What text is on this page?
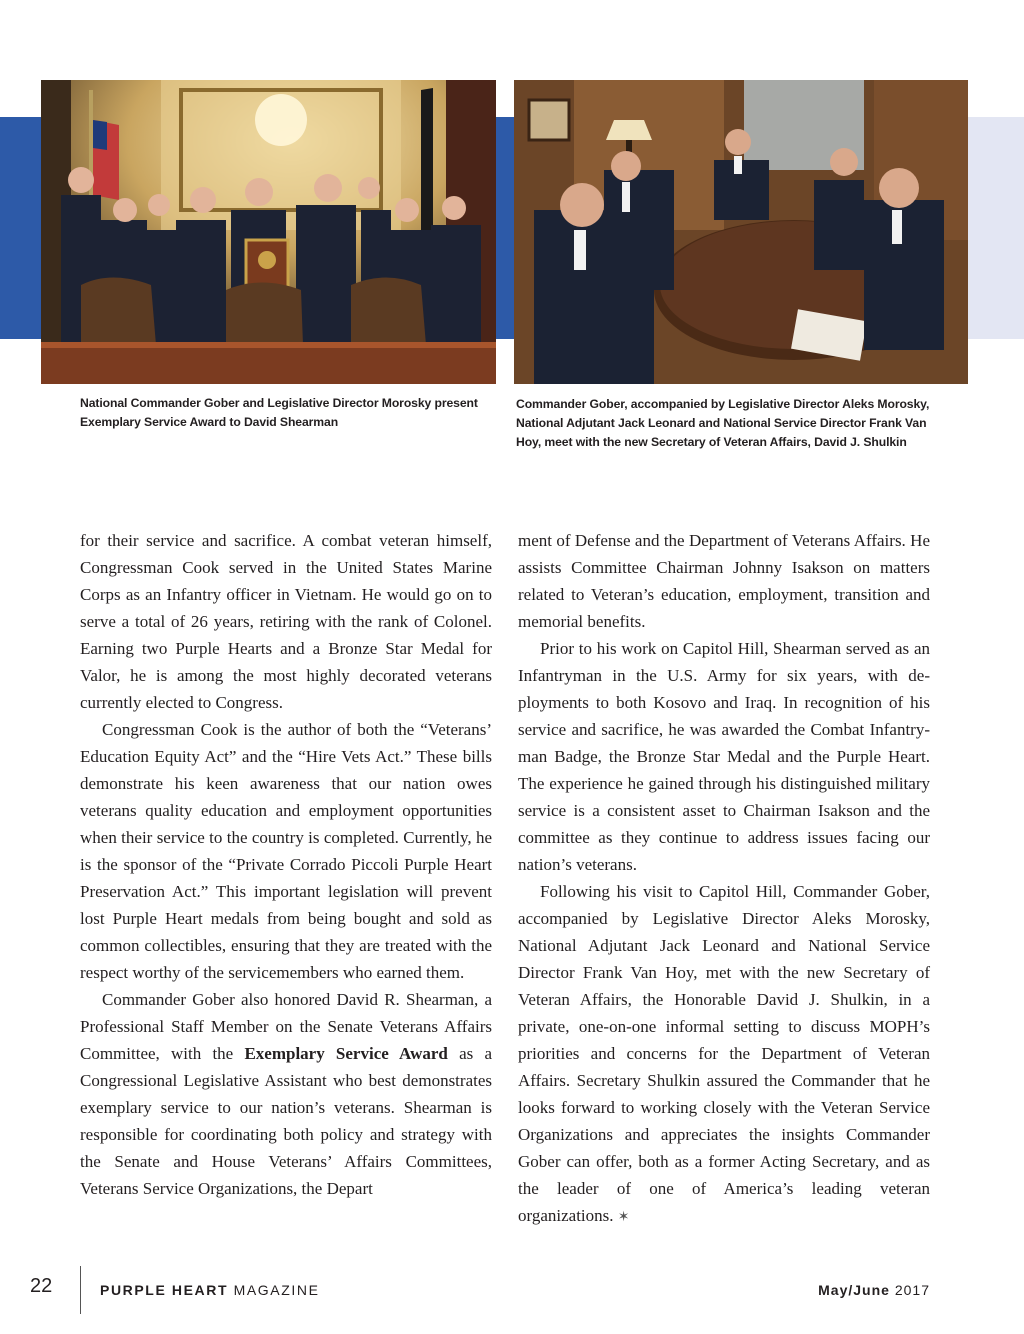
National Commander Gober and Legislative Director Morosky present Exemplary Service Award to David Shearman
Commander Gober, accompanied by Legislative Director Aleks Morosky, National Adjutant Jack Leonard and National Service Director Frank Van Hoy, meet with the new Secretary of Veteran Affairs, David J. Shulkin

for their service and sacrifice. A combat veteran himself, Congressman Cook served in the United States Marine Corps as an Infantry officer in Vietnam. He would go on to serve a total of 26 years, retiring with the rank of Colonel. Earning two Purple Hearts and a Bronze Star Medal for Valor, he is among the most highly decorated veterans currently elected to Congress.

Congressman Cook is the author of both the “Veterans’ Education Equity Act” and the “Hire Vets Act.” These bills demonstrate his keen awareness that our nation owes veterans quality education and employment opportunities when their service to the country is completed. Currently, he is the sponsor of the “Private Corrado Piccoli Purple Heart Preservation Act.” This important legislation will prevent lost Purple Heart medals from being bought and sold as common collectibles, ensuring that they are treated with the respect worthy of the servicemembers who earned them.

Commander Gober also honored David R. Shearman, a Professional Staff Member on the Senate Veterans Affairs Committee, with the Exemplary Service Award as a Congressional Legislative Assistant who best demonstrates exemplary service to our nation’s veterans. Shearman is responsible for coordinating both policy and strategy with the Senate and House Veterans’ Affairs Committees, Veterans Service Organizations, the Depart

ment of Defense and the Department of Veterans Affairs. He assists Committee Chairman Johnny Isakson on matters related to Veteran’s education, employment, transition and memorial benefits.

Prior to his work on Capitol Hill, Shearman served as an Infantryman in the U.S. Army for six years, with deployments to both Kosovo and Iraq. In recognition of his service and sacrifice, he was awarded the Combat Infantryman Badge, the Bronze Star Medal and the Purple Heart. The experience he gained through his distinguished military service is a consistent asset to Chairman Isakson and the committee as they continue to address issues facing our nation’s veterans.

Following his visit to Capitol Hill, Commander Gober, accompanied by Legislative Director Aleks Morosky, National Adjutant Jack Leonard and National Service Director Frank Van Hoy, met with the new Secretary of Veteran Affairs, the Honorable David J. Shulkin, in a private, one-on-one informal setting to discuss MOPH’s priorities and concerns for the Department of Veteran Affairs. Secretary Shulkin assured the Commander that he looks forward to working closely with the Veteran Service Organizations and appreciates the insights Commander Gober can offer, both as a former Acting Secretary, and as the leader of one of America’s leading veteran organizations. ✶

22	PURPLE HEART MAGAZINE	May/June 2017
